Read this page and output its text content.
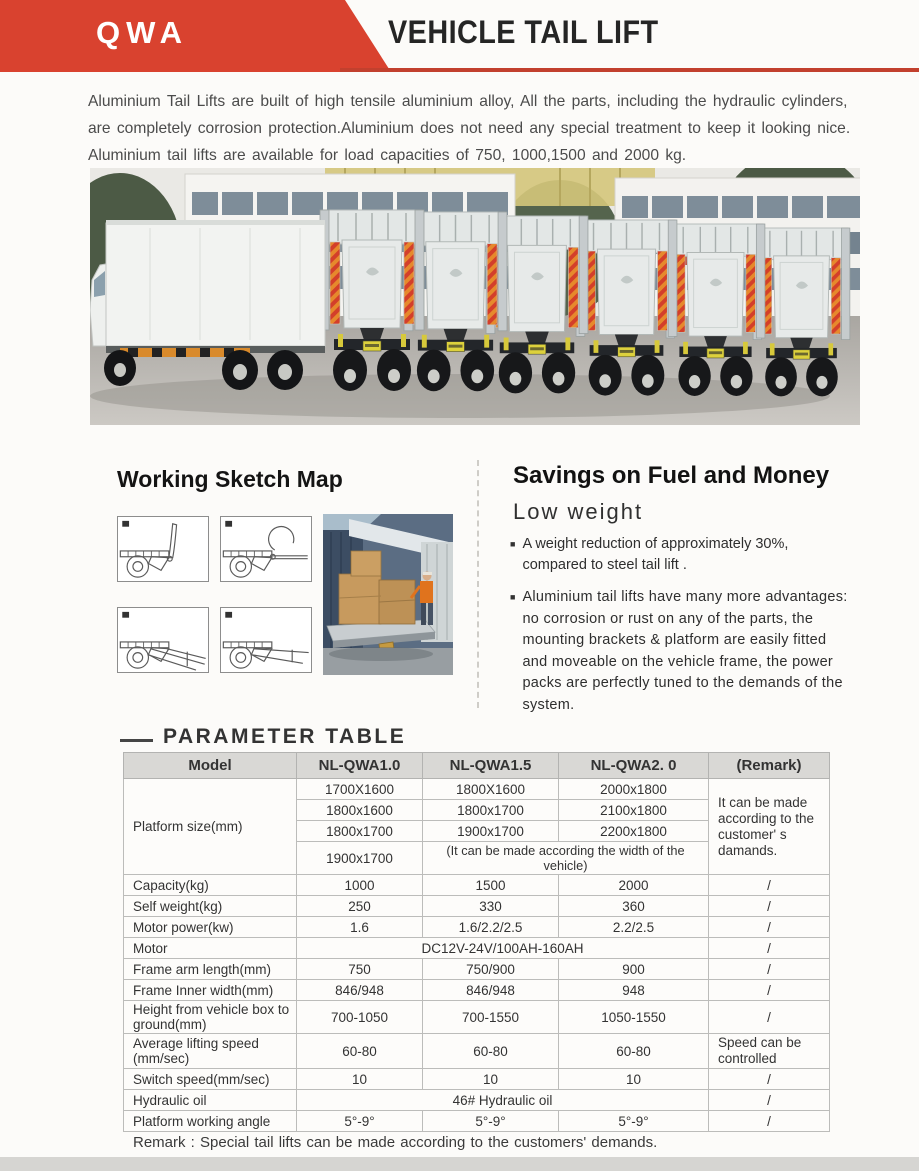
QWA	VEHICLE TAIL LIFT
Aluminium Tail Lifts are built of high tensile aluminium alloy, All the parts, including the hydraulic cylinders,
are completely corrosion protection.Aluminium does not need any special treatment to keep it looking nice.
Aluminium tail lifts are available for load capacities of 750, 1000,1500 and 2000 kg.
Working Sketch Map	Savings on Fuel and Money
Low weight
■ A weight reduction of approximately 30%, compared to steel tail lift .
■ Aluminium tail lifts have many more advantages: no corrosion or rust on any of the parts, the mounting brackets & platform are easily fitted and moveable on the vehicle frame, the power packs are perfectly tuned to the demands of the system.
PARAMETER TABLE
Model	NL-QWA1.0	NL-QWA1.5	NL-QWA2. 0	(Remark)
Platform size(mm)	1700X1600	1800X1600	2000x1800	It can be made according to the customer' s damands.
	1800x1600	1800x1700	2100x1800	
	1800x1700	1900x1700	2200x1800	
	1900x1700	(It can be made according the width of the vehicle)		
Capacity(kg)	1000	1500	2000	/
Self weight(kg)	250	330	360	/
Motor power(kw)	1.6	1.6/2.2/2.5	2.2/2.5	/
Motor	DC12V-24V/100AH-160AH			/
Frame arm length(mm)	750	750/900	900	/
Frame Inner width(mm)	846/948	846/948	948	/
Height from vehicle box to ground(mm)	700-1050	700-1550	1050-1550	/
Average lifting speed (mm/sec)	60-80	60-80	60-80	Speed can be controlled
Switch speed(mm/sec)	10	10	10	/
Hydraulic oil	46# Hydraulic oil			/
Platform working angle	5°-9°	5°-9°	5°-9°	/
Remark : Special tail lifts can be made according to the customers' demands.
